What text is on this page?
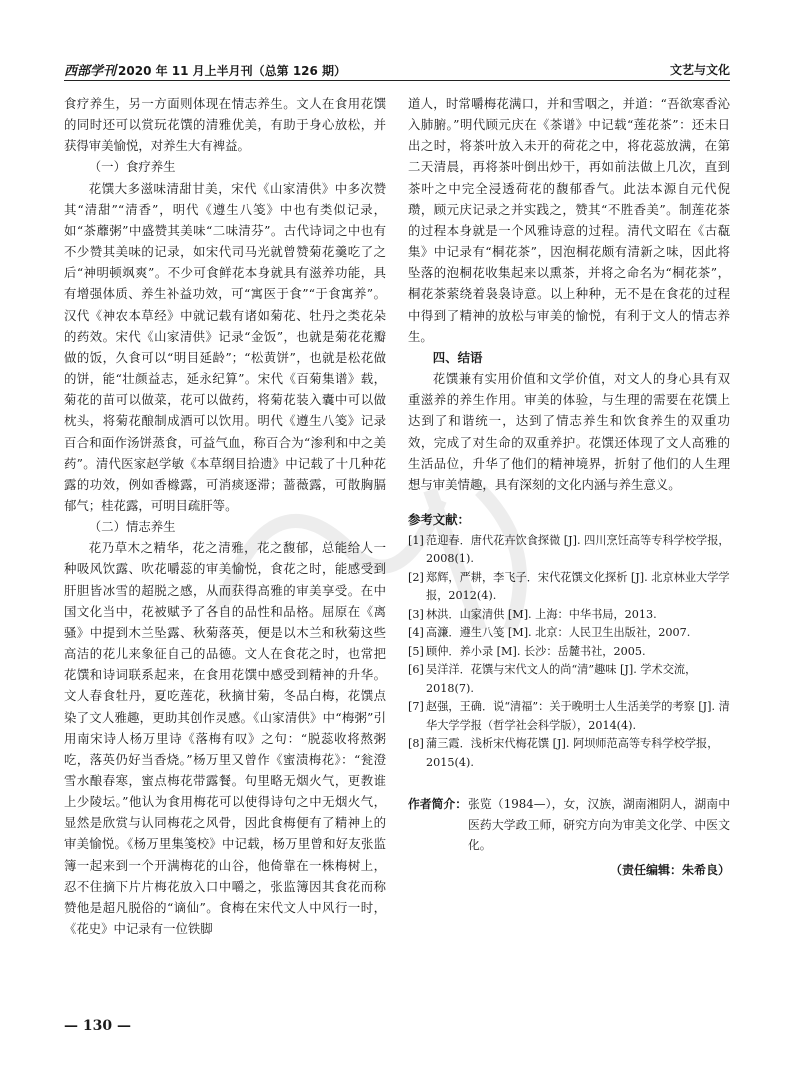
西部学刊 2020 年 11 月上半月刊（总第 126 期）	文艺与文化

食疗养生，另一方面则体现在情志养生。文人在食用花馔的同时还可以赏玩花馔的清雅优美，有助于身心放松，并获得审美愉悦，对养生大有裨益。

（一）食疗养生

花馔大多滋味清甜甘美，宋代《山家清供》中多次赞其“清甜”“清香”，明代《遵生八笺》中也有类似记录，如“茶蘼粥”中盛赞其美味“二味清芬”。古代诗词之中也有不少赞其美味的记录，如宋代司马光就曾赞菊花羹吃了之后“神明顿飒爽”。不少可食鲜花本身就具有滋养功能，具有增强体质、养生补益功效，可“寓医于食”“于食寓养”。汉代《神农本草经》中就记载有诸如菊花、牡丹之类花朵的药效。宋代《山家清供》记录“金饭”，也就是菊花花瓣做的饭，久食可以“明目延龄”；“松黄饼”，也就是松花做的饼，能“壮颜益志，延永纪算”。宋代《百菊集谱》载，菊花的苗可以做菜，花可以做药，将菊花装入囊中可以做枕头，将菊花酿制成酒可以饮用。明代《遵生八笺》记录百合和面作汤饼蒸食，可益气血，称百合为“渗利和中之美药”。清代医家赵学敏《本草纲目拾遗》中记载了十几种花露的功效，例如香橼露，可消痰逐滞；蔷薇露，可散胸膈郁气；桂花露，可明目疏肝等。

（二）情志养生

花乃草木之精华，花之清雅，花之馥郁，总能给人一种吸风饮露、吹花嚼蕊的审美愉悦，食花之时，能感受到肝胆皆冰雪的超脱之感，从而获得高雅的审美享受。在中国文化当中，花被赋予了各自的品性和品格。屈原在《离骚》中提到木兰坠露、秋菊落英，便是以木兰和秋菊这些高洁的花儿来象征自己的品德。文人在食花之时，也常把花馔和诗词联系起来，在食用花馔中感受到精神的升华。文人春食牡丹，夏吃莲花，秋摘甘菊，冬品白梅，花馔点染了文人雅趣，更助其创作灵感。《山家清供》中“梅粥”引用南宋诗人杨万里诗《落梅有叹》之句：“脱蕊收将熬粥吃，落英仍好当香烧。”杨万里又曾作《蜜渍梅花》：“瓮澄雪水酿春寒，蜜点梅花带露餐。句里略无烟火气，更教谁上少陵坛。”他认为食用梅花可以使得诗句之中无烟火气，显然是欣赏与认同梅花之风骨，因此食梅便有了精神上的审美愉悦。《杨万里集笺校》中记载，杨万里曾和好友张监簿一起来到一个开满梅花的山谷，他倚靠在一株梅树上，忍不住摘下片片梅花放入口中嚼之，张监簿因其食花而称赞他是超凡脱俗的“谪仙”。食梅在宋代文人中风行一时，《花史》中记录有一位铁脚

道人，时常嚼梅花满口，并和雪咽之，并道：“吾欲寒香沁入肺腑。”明代顾元庆在《茶谱》中记载“莲花茶”：还未日出之时，将茶叶放入未开的荷花之中，将花蕊放满，在第二天清晨，再将茶叶倒出炒干，再如前法做上几次，直到茶叶之中完全浸透荷花的馥郁香气。此法本源自元代倪瓒，顾元庆记录之并实践之，赞其“不胜香美”。制莲花茶的过程本身就是一个风雅诗意的过程。清代文昭在《古瓻集》中记录有“桐花茶”，因泡桐花颇有清新之味，因此将坠落的泡桐花收集起来以熏茶，并将之命名为“桐花茶”，桐花茶萦绕着袅袅诗意。以上种种，无不是在食花的过程中得到了精神的放松与审美的愉悦，有利于文人的情志养生。

四、结语

花馔兼有实用价值和文学价值，对文人的身心具有双重滋养的养生作用。审美的体验，与生理的需要在花馔上达到了和谐统一，达到了情志养生和饮食养生的双重功效，完成了对生命的双重养护。花馔还体现了文人高雅的生活品位，升华了他们的精神境界，折射了他们的人生理想与审美情趣，具有深刻的文化内涵与养生意义。

参考文献：
[1] 范迎春．唐代花卉饮食探微 [J]. 四川烹饪高等专科学校学报，2008(1).
[2] 郑辉，严耕，李飞子．宋代花馔文化探析 [J]. 北京林业大学学报，2012(4).
[3] 林洪．山家清供 [M]. 上海：中华书局，2013.
[4] 高濂．遵生八笺 [M]. 北京：人民卫生出版社，2007.
[5] 顾仲．养小录 [M]. 长沙：岳麓书社，2005.
[6] 吴洋洋．花馔与宋代文人的尚“清”趣味 [J]. 学术交流，2018(7).
[7] 赵强，王确．说“清福”：关于晚明士人生活美学的考察 [J]. 清华大学学报（哲学社会科学版），2014(4).
[8] 蒲三霞．浅析宋代梅花馔 [J]. 阿坝师范高等专科学校学报，2015(4).
作者简介： 张览（1984—），女，汉族，湖南湘阴人，湖南中医药大学政工师，研究方向为审美文化学、中医文化。
（责任编辑：朱希良）
— 130 —
